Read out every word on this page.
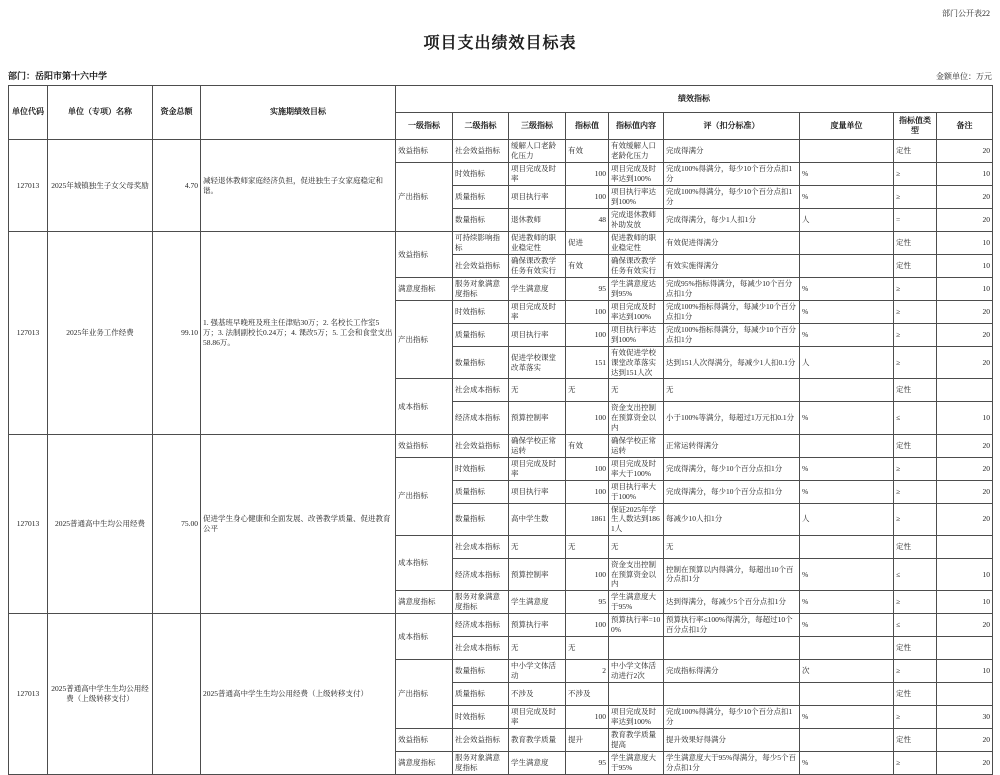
部门公开表22
项目支出绩效目标表
部门：岳阳市第十六中学	金额单位：万元
单位代码	单位（专项）名称	资金总额	实施期绩效目标	绩效指标								
				一级指标	二级指标	三级指标	指标值	指标值内容	评（扣分标准）	度量单位	指标值类型	备注
127013	2025年城镇独生子女父母奖励	4.70	减轻退休教师家庭经济负担，促进独生子女家庭稳定和谐。	效益指标	社会效益指标	缓解人口老龄化压力	有效	有效缓解人口老龄化压力	完成得满分		定性	20
				产出指标	时效指标	项目完成及时率	100	项目完成及时率达到100%	完成100%得满分，每少10个百分点扣1分	%	≥	10
					质量指标	项目执行率	100	项目执行率达到100%	完成100%得满分，每少10个百分点扣1分	%	≥	20
					数量指标	退休教师	48	完成退休教师补助发放	完成得满分，每少1人扣1分	人	=	20
127013	2025年业务工作经费	99.10	1. 强基班早晚班及班主任津贴30万；2. 名校长工作室5万；3. 法制副校长0.24万；4. 课改5万；5. 工会和食堂支出58.86万。	效益指标	可持续影响指标	促进教师的职业稳定性	促进	促进教师的职业稳定性	有效促进得满分		定性	10
					社会效益指标	确保课改教学任务有效实行	有效	确保课改教学任务有效实行	有效实施得满分		定性	10
				满意度指标	服务对象满意度指标	学生满意度	95	学生满意度达到95%	完成95%指标得满分，每减少10个百分点扣1分	%	≥	10
				产出指标	时效指标	项目完成及时率	100	项目完成及时率达到100%	完成100%指标得满分，每减少10个百分点扣1分	%	≥	20
					质量指标	项目执行率	100	项目执行率达到100%	完成100%指标得满分，每减少10个百分点扣1分	%	≥	20
					数量指标	促进学校课堂改革落实	151	有效促进学校课堂改革落实达到151人次	达到151人次得满分，每减少1人扣0.1分	人	≥	20
				成本指标	社会成本指标	无	无	无	无		定性	
					经济成本指标	预算控制率	100	资金支出控制在预算资金以内	小于100%等满分，每超过1万元扣0.1分	%	≤	10
127013	2025普通高中生均公用经费	75.00	促进学生身心健康和全面发展、改善教学质量、促进教育公平	效益指标	社会效益指标	确保学校正常运转	有效	确保学校正常运转	正常运转得满分		定性	20
				产出指标	时效指标	项目完成及时率	100	项目完成及时率大于100%	完成得满分，每少10个百分点扣1分	%	≥	20
					质量指标	项目执行率	100	项目执行率大于100%	完成得满分，每少10个百分点扣1分	%	≥	20
					数量指标	高中学生数	1861	保证2025年学生人数达到1861人	每减少10人扣1分	人	≥	20
				成本指标	社会成本指标	无	无	无	无		定性	
					经济成本指标	预算控制率	100	资金支出控制在预算资金以内	控制在预算以内得满分，每超出10个百分点扣1分	%	≤	10
				满意度指标	服务对象满意度指标	学生满意度	95	学生满意度大于95%	达到得满分，每减少5个百分点扣1分	%	≥	10
127013	2025普通高中学生生均公用经费（上级转移支付）		2025普通高中学生生均公用经费（上级转移支付）	成本指标	经济成本指标	预算执行率	100	预算执行率=100%	预算执行率≤100%得满分，每超过10个百分点扣1分	%	≤	20
					社会成本指标	无	无				定性	
				产出指标	数量指标	中小学文体活动	2	中小学文体活动进行2次	完成指标得满分	次	≥	10
					质量指标	不涉及	不涉及				定性	
					时效指标	项目完成及时率	100	项目完成及时率达到100%	完成100%得满分，每少10个百分点扣1分	%	≥	30
				效益指标	社会效益指标	教育教学质量	提升	教育教学质量提高	提升效果好得满分		定性	20
				满意度指标	服务对象满意度指标	学生满意度	95	学生满意度大于95%	学生满意度大于95%得满分，每少5个百分点扣1分	%	≥	20
